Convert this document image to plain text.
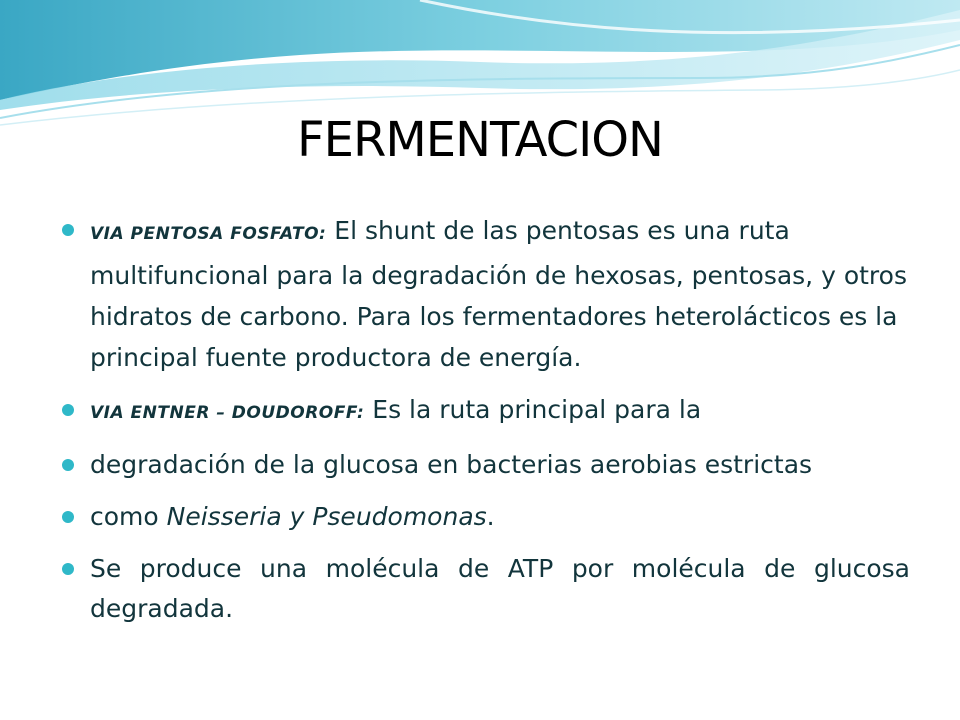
FERMENTACION
VIA PENTOSA FOSFATO: El shunt de las pentosas es una ruta multifuncional para la degradación de hexosas, pentosas, y otros hidratos de carbono. Para los fermentadores heterolácticos es la principal fuente productora de energía.
VIA ENTNER – DOUDOROFF: Es la ruta principal para la
degradación de la glucosa en bacterias aerobias estrictas
como Neisseria y Pseudomonas.
Se produce una molécula de ATP por molécula de glucosa degradada.
